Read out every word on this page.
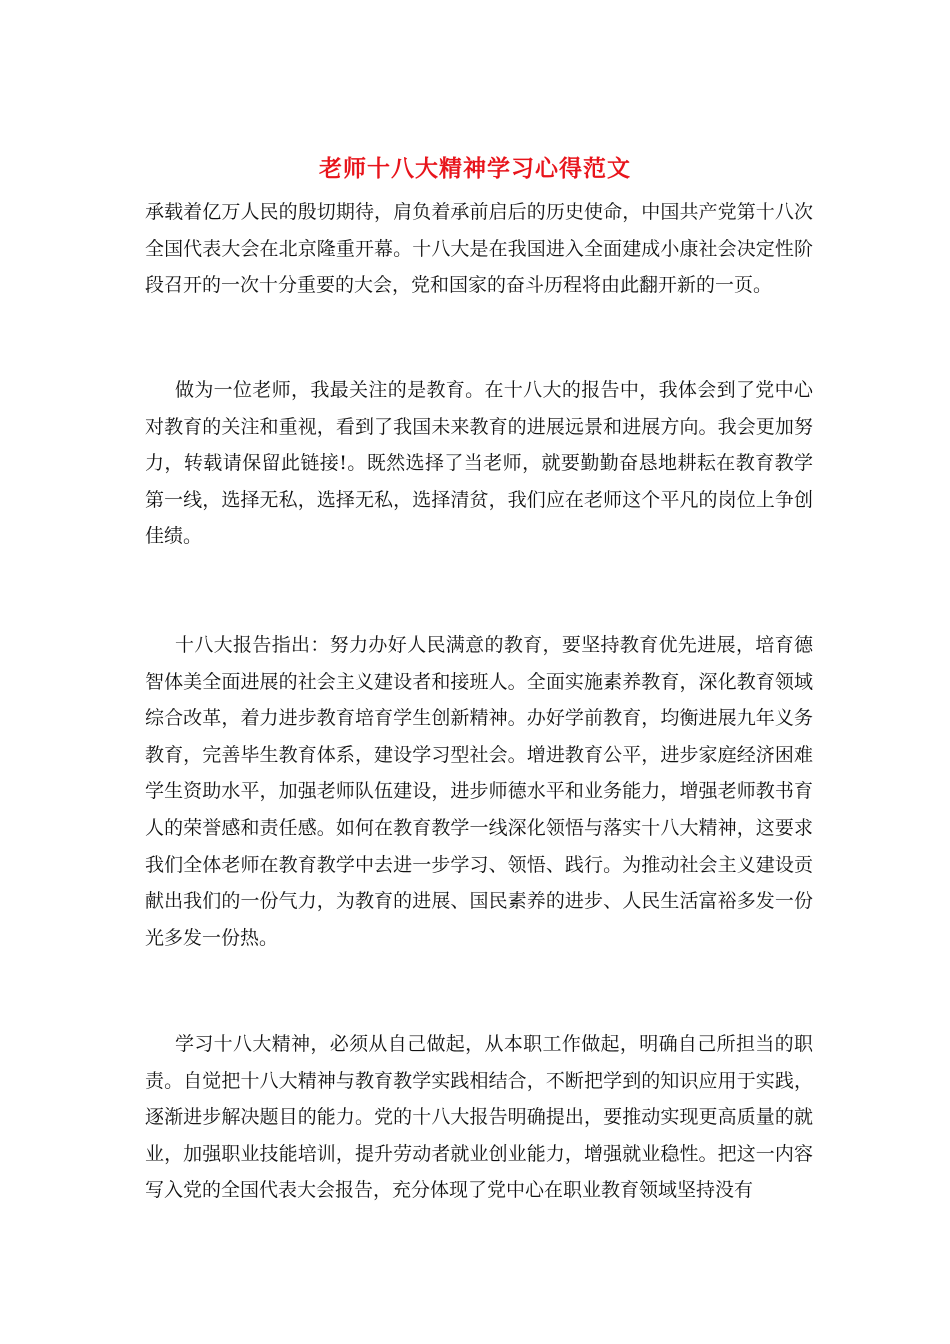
老师十八大精神学习心得范文

承载着亿万人民的殷切期待，肩负着承前启后的历史使命，中国共产党第十八次全国代表大会在北京隆重开幕。十八大是在我国进入全面建成小康社会决定性阶段召开的一次十分重要的大会，党和国家的奋斗历程将由此翻开新的一页。

做为一位老师，我最关注的是教育。在十八大的报告中，我体会到了党中心对教育的关注和重视，看到了我国未来教育的进展远景和进展方向。我会更加努力，转载请保留此链接!。既然选择了当老师，就要勤勤奋恳地耕耘在教育教学第一线，选择无私，选择无私，选择清贫，我们应在老师这个平凡的岗位上争创佳绩。

十八大报告指出：努力办好人民满意的教育，要坚持教育优先进展，培育德智体美全面进展的社会主义建设者和接班人。全面实施素养教育，深化教育领域综合改革，着力进步教育培育学生创新精神。办好学前教育，均衡进展九年义务教育，完善毕生教育体系，建设学习型社会。增进教育公平，进步家庭经济困难学生资助水平，加强老师队伍建设，进步师德水平和业务能力，增强老师教书育人的荣誉感和责任感。如何在教育教学一线深化领悟与落实十八大精神，这要求我们全体老师在教育教学中去进一步学习、领悟、践行。为推动社会主义建设贡献出我们的一份气力，为教育的进展、国民素养的进步、人民生活富裕多发一份光多发一份热。

学习十八大精神，必须从自己做起，从本职工作做起，明确自己所担当的职责。自觉把十八大精神与教育教学实践相结合，不断把学到的知识应用于实践，逐渐进步解决题目的能力。党的十八大报告明确提出，要推动实现更高质量的就业，加强职业技能培训，提升劳动者就业创业能力，增强就业稳性。把这一内容写入党的全国代表大会报告，充分体现了党中心在职业教育领域坚持没有
